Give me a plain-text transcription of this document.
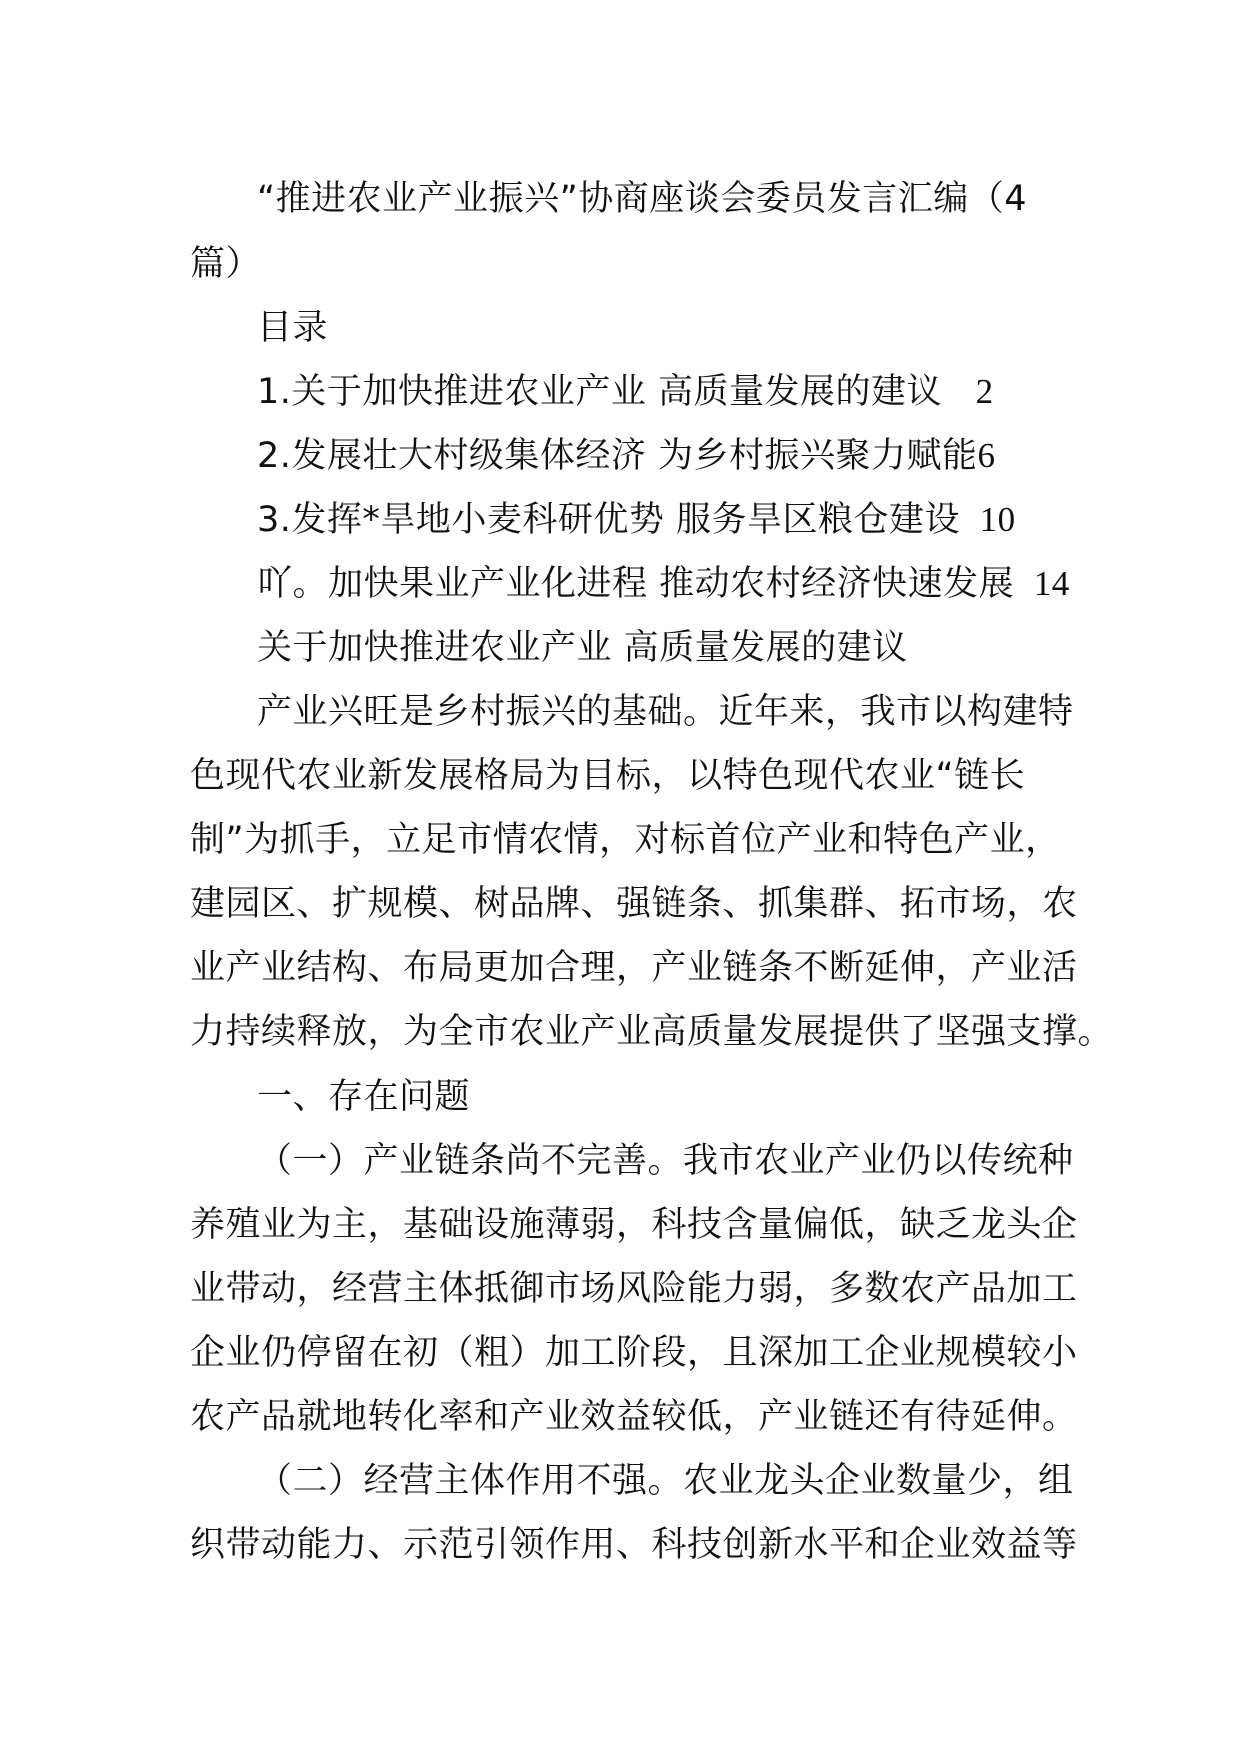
“推进农业产业振兴”协商座谈会委员发言汇编（4
篇）
目录
1.关于加快推进农业产业 高质量发展的建议 2
2.发展壮大村级集体经济 为乡村振兴聚力赋能6
3.发挥*旱地小麦科研优势 服务旱区粮仓建设 10
吖。加快果业产业化进程 推动农村经济快速发展 14
关于加快推进农业产业 高质量发展的建议
产业兴旺是乡村振兴的基础。近年来，我市以构建特
色现代农业新发展格局为目标，以特色现代农业“链长
制”为抓手，立足市情农情，对标首位产业和特色产业，
建园区、扩规模、树品牌、强链条、抓集群、拓市场，农
业产业结构、布局更加合理，产业链条不断延伸，产业活
力持续释放，为全市农业产业高质量发展提供了坚强支撑。
一、存在问题
（一）产业链条尚不完善。我市农业产业仍以传统种
养殖业为主，基础设施薄弱，科技含量偏低，缺乏龙头企
业带动，经营主体抵御市场风险能力弱，多数农产品加工
企业仍停留在初（粗）加工阶段，且深加工企业规模较小
农产品就地转化率和产业效益较低，产业链还有待延伸。
（二）经营主体作用不强。农业龙头企业数量少，组
织带动能力、示范引领作用、科技创新水平和企业效益等
